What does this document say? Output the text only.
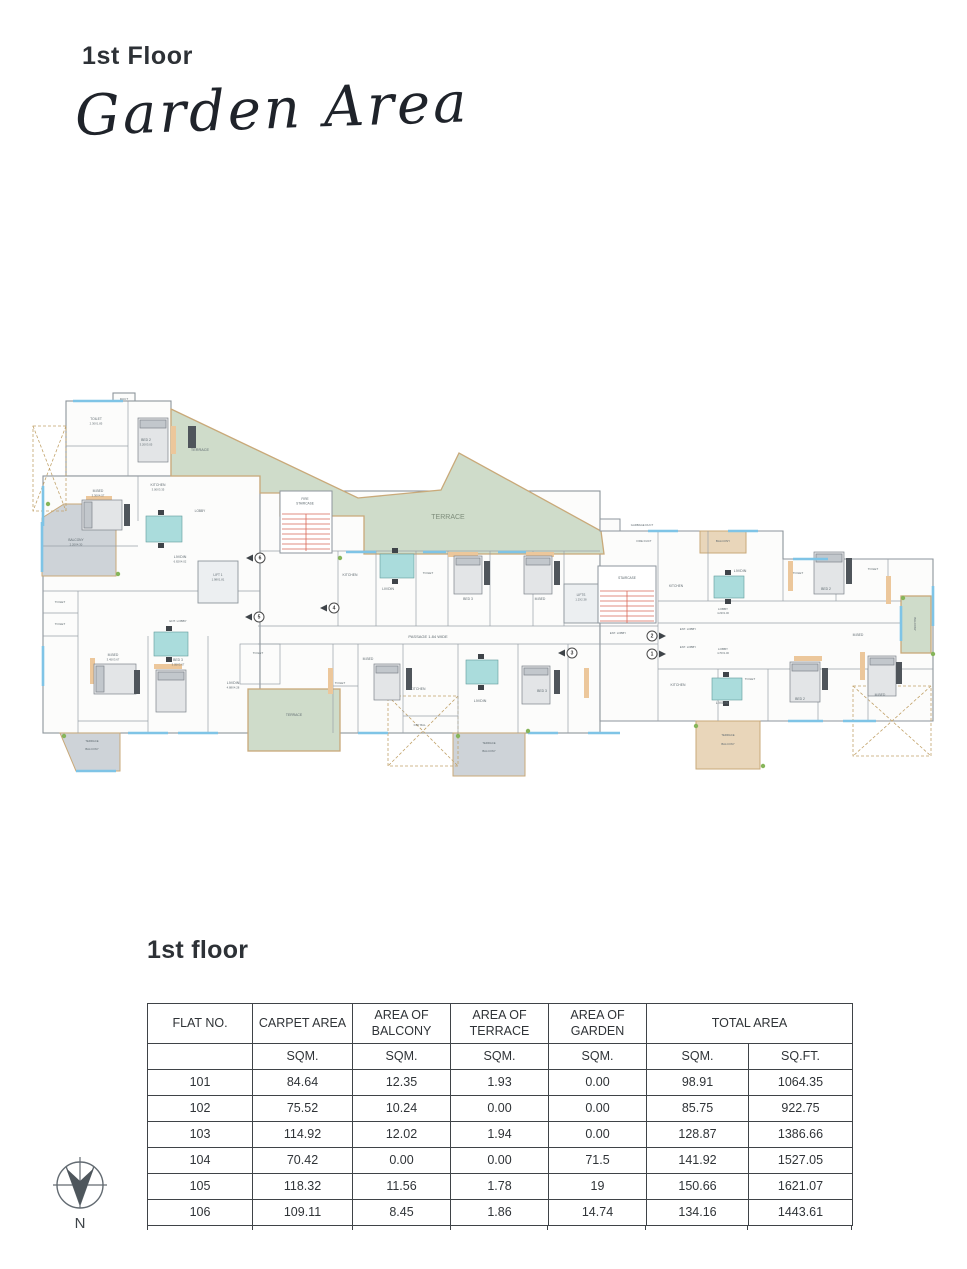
1st Floor
Garden Area
DUCT
TOILET
2.30X1.85
BED 2
3.20X3.05
TERRACE
M.BED
3.30X4.57
KITCHEN
3.00X3.35
LOBBY
BALCONY
2.20X4.30
LIV/DIN
6.82X4.02
FIRE
STAIRCASE
LIFT 1
1.98X1.81
ENT. LOBBY
TOILET
TOILET
M.BED
3.45X3.67	BED 3
3.05X3.67
LIV/DIN
4.88X4.28
TOILET
TERRACE
TERRACE
BALCONY
TERRACE
KITCHEN
LIV/DIN
TOILET
BED 3	M.BED
LIFTS
1.2X2.38
STAIRCASE
GARBAGE DUCT
FIRE DUCT
PASSAGE 1.84 WIDE
LOBBY
4.23X1.00
LOBBY
4.70X1.00
ENT. LOBBY
ENT. LOBBY
ENT. LOBBY
M.BED
TOILET
KITCHEN
DRY BAL.
LIV/DIN
BED 3
TERRACE
BALCONY
KITCHEN
LIV/DIN
TOILET
BED 2
M.BED
TERRACE
BALCONY
KITCHEN
LIV/DIN
BALCONY
TOILET
BED 2
TOILET
M.BED
BALCONY
6
5
4
3
2
1
1st floor
FLAT NO.	CARPET AREA	AREA OF BALCONY	AREA OF TERRACE	AREA OF GARDEN	TOTAL AREA	
	SQM.	SQM.	SQM.	SQM.	SQM.	SQ.FT.
101	84.64	12.35	1.93	0.00	98.91	1064.35
102	75.52	10.24	0.00	0.00	85.75	922.75
103	114.92	12.02	1.94	0.00	128.87	1386.66
104	70.42	0.00	0.00	71.5	141.92	1527.05
105	118.32	11.56	1.78	19	150.66	1621.07
106	109.11	8.45	1.86	14.74	134.16	1443.61
N
